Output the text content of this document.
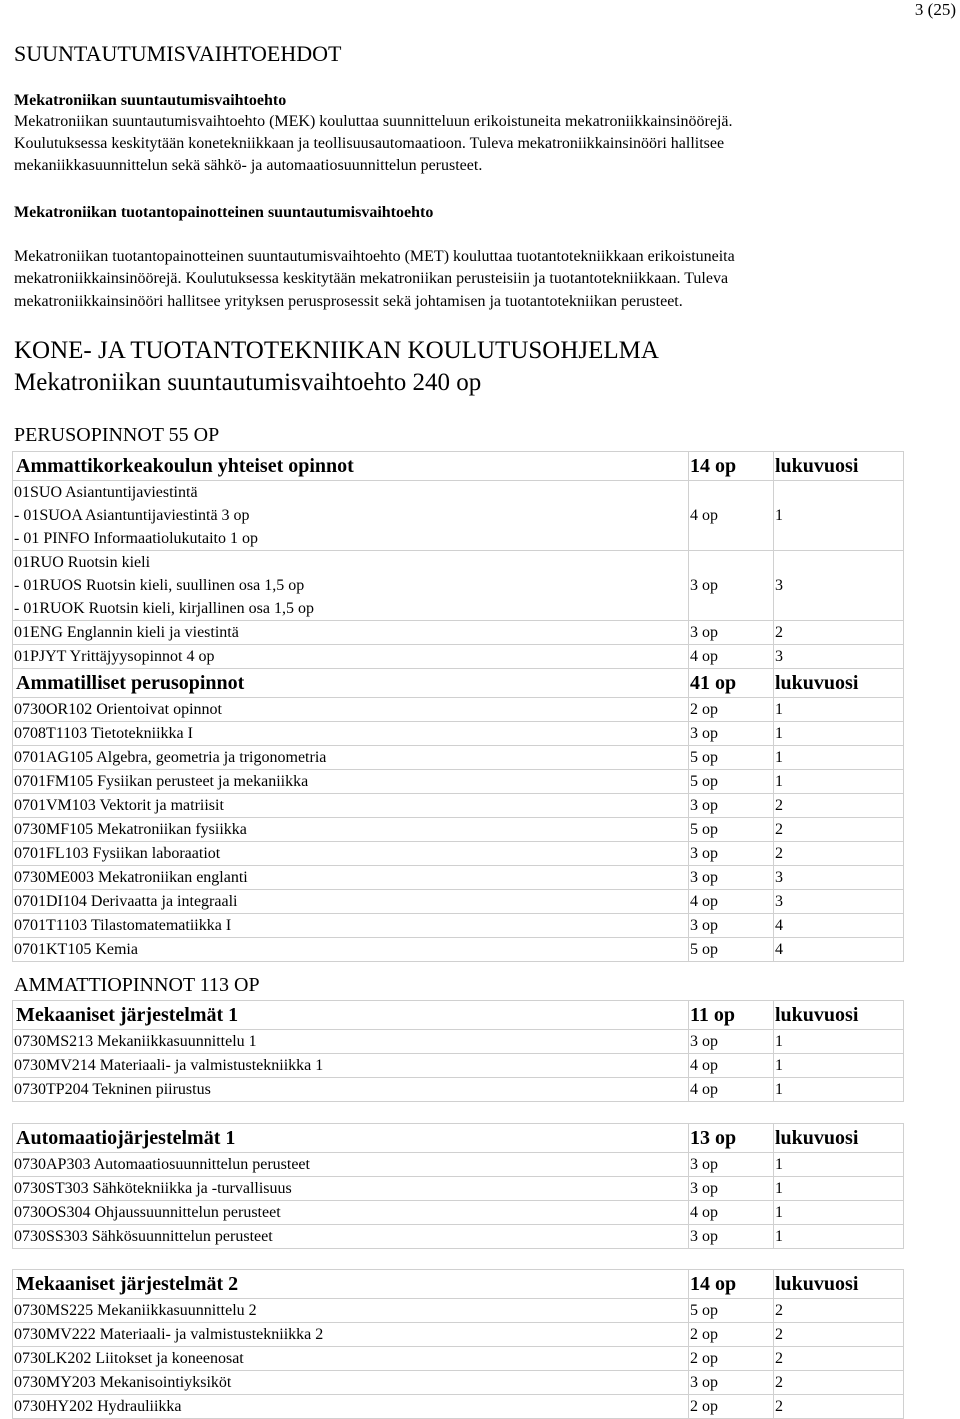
3 (25)
SUUNTAUTUMISVAIHTOEHDOT
Mekatroniikan suuntautumisvaihtoehto
Mekatroniikan suuntautumisvaihtoehto (MEK) kouluttaa suunnitteluun erikoistuneita mekatroniikkainsinöörejä.
Koulutuksessa keskitytään konetekniikkaan ja teollisuusautomaatioon. Tuleva mekatroniikkainsinööri hallitsee
mekaniikkasuunnittelun sekä sähkö- ja automaatiosuunnittelun perusteet.
Mekatroniikan tuotantopainotteinen suuntautumisvaihtoehto
Mekatroniikan tuotantopainotteinen suuntautumisvaihtoehto (MET) kouluttaa tuotantotekniikkaan erikoistuneita
mekatroniikkainsinöörejä. Koulutuksessa keskitytään mekatroniikan perusteisiin ja tuotantotekniikkaan. Tuleva
mekatroniikkainsinööri hallitsee yrityksen perusprosessit sekä johtamisen ja tuotantotekniikan perusteet.
KONE- JA TUOTANTOTEKNIIKAN KOULUTUSOHJELMA
Mekatroniikan suuntautumisvaihtoehto 240 op
PERUSOPINNOT 55 OP
Ammattikorkeakoulun yhteiset opinnot	14 op	lukuvuosi

01SUO Asiantuntijaviestintä
- 01SUOA Asiantuntijaviestintä 3 op
- 01 PINFO Informaatiolukutaito 1 op	4 op	1

01RUO Ruotsin kieli
- 01RUOS Ruotsin kieli, suullinen osa 1,5 op
- 01RUOK Ruotsin kieli, kirjallinen osa 1,5 op	3 op	3
01ENG Englannin kieli ja viestintä	3 op	2
01PJYT Yrittäjyysopinnot 4 op	4 op	3
Ammatilliset perusopinnot	41 op	lukuvuosi
0730OR102 Orientoivat opinnot	2 op	1
0708T1103 Tietotekniikka I	3 op	1
0701AG105 Algebra, geometria ja trigonometria	5 op	1
0701FM105 Fysiikan perusteet ja mekaniikka	5 op	1
0701VM103 Vektorit ja matriisit	3 op	2
0730MF105 Mekatroniikan fysiikka	5 op	2
0701FL103 Fysiikan laboraatiot	3 op	2
0730ME003 Mekatroniikan englanti	3 op	3
0701DI104 Derivaatta ja integraali	4 op	3
0701T1103 Tilastomatematiikka I	3 op	4
0701KT105 Kemia	5 op	4
AMMATTIOPINNOT 113 OP
Mekaaniset järjestelmät 1	11 op	lukuvuosi
0730MS213 Mekaniikkasuunnittelu 1	3 op	1
0730MV214 Materiaali- ja valmistustekniikka 1	4 op	1
0730TP204 Tekninen piirustus	4 op	1
Automaatiojärjestelmät 1	13 op	lukuvuosi
0730AP303 Automaatiosuunnittelun perusteet	3 op	1
0730ST303 Sähkötekniikka ja -turvallisuus	3 op	1
0730OS304 Ohjaussuunnittelun perusteet	4 op	1
0730SS303 Sähkösuunnittelun perusteet	3 op	1
Mekaaniset järjestelmät 2	14 op	lukuvuosi
0730MS225 Mekaniikkasuunnittelu 2	5 op	2
0730MV222 Materiaali- ja valmistustekniikka 2	2 op	2
0730LK202 Liitokset ja koneenosat	2 op	2
0730MY203 Mekanisointiyksiköt	3 op	2
0730HY202 Hydrauliikka	2 op	2
